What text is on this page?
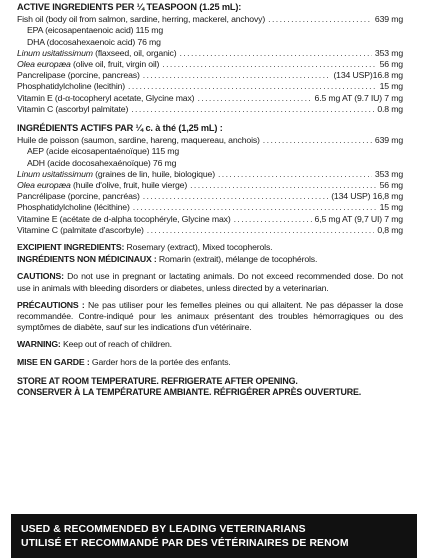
ACTIVE INGREDIENTS PER ¼ TEASPOON (1.25 mL):
Fish oil (body oil from salmon, sardine, herring, mackerel, anchovy) . . .	639 mg
EPA (eicosapentaenoic acid) 115 mg
DHA (docosahexaenoic acid) 76 mg
Linum usitatissimum (flaxseed, oil, organic) . . .	353 mg
Olea europæa (olive oil, fruit, virgin oil) . . .	56 mg
Pancrelipase (porcine, pancreas) . . .	(134 USP)16.8 mg
Phosphatidylcholine (lecithin) . . .	15 mg
Vitamin E (d-α-tocopheryl acetate, Glycine max) . . .	6.5 mg AT (9.7 IU) 7 mg
Vitamin C (ascorbyl palmitate) . . .	0.8 mg
INGRÉDIENTS ACTIFS PAR ¼ c. à thé (1,25 mL) :
Huile de poisson (saumon, sardine, hareng, maquereau, anchois) . . .	639 mg
AEP (acide eicosapentaénoïque) 115 mg
ADH (acide docosahexaénoïque) 76 mg
Linum usitatissimum (graines de lin, huile, biologique) . . .	353 mg
Olea europæa (huile d'olive, fruit, huile vierge) . . .	56 mg
Pancrélipase (porcine, pancréas) . . .	(134 USP) 16,8 mg
Phosphatidylcholine (lécithine) . . .	15 mg
Vitamine E (acétate de d-alpha tocophéryle, Glycine max) . . .	6,5 mg AT (9,7 UI) 7 mg
Vitamine C (palmitate d'ascorbyle) . . .	0,8 mg
EXCIPIENT INGREDIENTS: Rosemary (extract), Mixed tocopherols.
INGRÉDIENTS NON MÉDICINAUX : Romarin (extrait), mélange de tocophérols.
CAUTIONS: Do not use in pregnant or lactating animals. Do not exceed recommended dose. Do not use in animals with bleeding disorders or diabetes, unless directed by a veterinarian.
PRÉCAUTIONS : Ne pas utiliser pour les femelles pleines ou qui allaitent. Ne pas dépasser la dose recommandée. Contre-indiqué pour les animaux présentant des troubles hémorragiques ou des symptômes de diabète, sauf sur les indications d'un vétérinaire.
WARNING: Keep out of reach of children.
MISE EN GARDE : Garder hors de la portée des enfants.
STORE AT ROOM TEMPERATURE. REFRIGERATE AFTER OPENING.
CONSERVER À LA TEMPÉRATURE AMBIANTE. RÉFRIGÉRER APRÈS OUVERTURE.
USED & RECOMMENDED BY LEADING VETERINARIANS
UTILISÉ ET RECOMMANDÉ PAR DES VÉTÉRINAIRES DE RENOM
